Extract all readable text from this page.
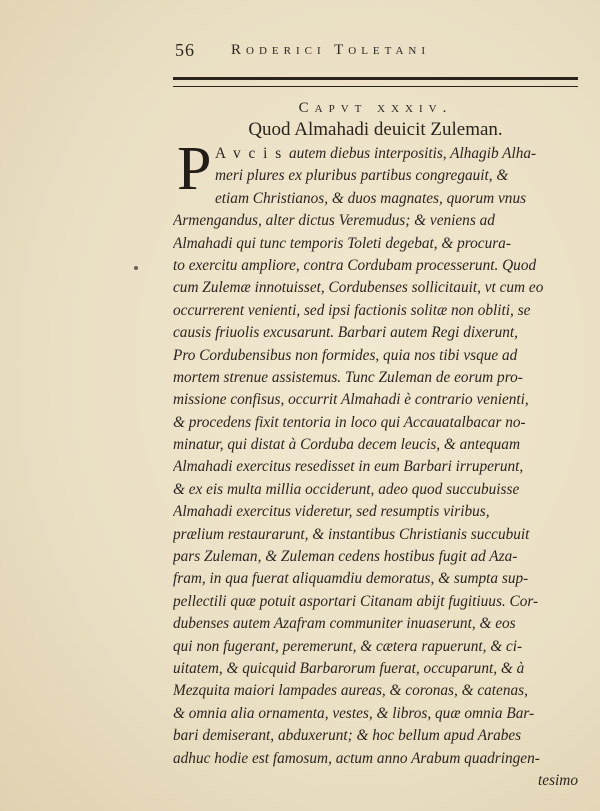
56 Roderici Toletani
Capvt xxxiv.
Quod Almahadi deuicit Zuleman.
P A v c i s autem diebus interpositis, Alhagib Alha-
meri plures ex pluribus partibus congregauit, &
etiam Christianos, & duos magnates, quorum vnus
Armengandus, alter dictus Veremudus; & veniens ad
Almahadi qui tunc temporis Toleti degebat, & procura-
to exercitu ampliore, contra Cordubam processerunt. Quod
cum Zulemæ innotuisset, Cordubenses sollicitauit, vt cum eo
occurrerent venienti, sed ipsi factionis solitæ non obliti, se
causis friuolis excusarunt. Barbari autem Regi dixerunt,
Pro Cordubensibus non formides, quia nos tibi vsque ad
mortem strenue assistemus. Tunc Zuleman de eorum pro-
missione confisus, occurrit Almahadi è contrario venienti,
& procedens fixit tentoria in loco qui Accauatalbacar no-
minatur, qui distat à Corduba decem leucis, & antequam
Almahadi exercitus resedisset in eum Barbari irruperunt,
& ex eis multa millia occiderunt, adeo quod succubuisse
Almahadi exercitus videretur, sed resumptis viribus,
prælium restaurarunt, & instantibus Christianis succubuit
pars Zuleman, & Zuleman cedens hostibus fugit ad Aza-
fram, in qua fuerat aliquamdiu demoratus, & sumpta sup-
pellectili quæ potuit asportari Citanam abijt fugitiuus. Cor-
dubenses autem Azafram communiter inuaserunt, & eos
qui non fugerant, peremerunt, & cætera rapuerunt, & ci-
uitatem, & quicquid Barbarorum fuerat, occuparunt, & à
Mezquita maiori lampades aureas, & coronas, & catenas,
& omnia alia ornamenta, vestes, & libros, quæ omnia Bar-
bari demiserant, abduxerunt; & hoc bellum apud Arabes
adhuc hodie est famosum, actum anno Arabum quadringen-
tesimo
